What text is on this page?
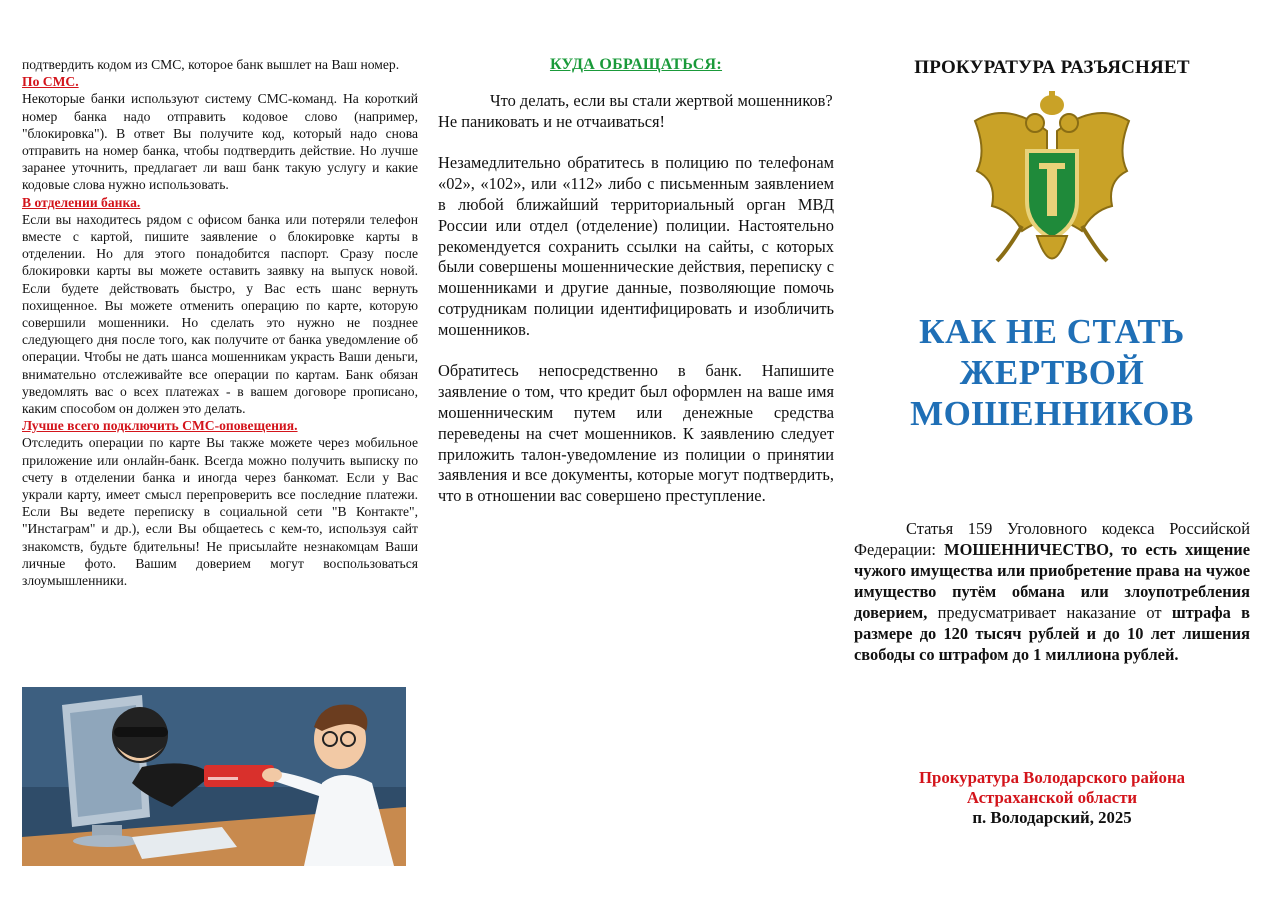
подтвердить кодом из СМС, которое банк вышлет на Ваш номер.
По СМС.
Некоторые банки используют систему СМС-команд. На короткий номер банка надо отправить кодовое слово (например, "блокировка"). В ответ Вы получите код, который надо снова отправить на номер банка, чтобы подтвердить действие. Но лучше заранее уточнить, предлагает ли ваш банк такую услугу и какие кодовые слова нужно использовать.
В отделении банка.
Если вы находитесь рядом с офисом банка или потеряли телефон вместе с картой, пишите заявление о блокировке карты в отделении. Но для этого понадобится паспорт. Сразу после блокировки карты вы можете оставить заявку на выпуск новой. Если будете действовать быстро, у Вас есть шанс вернуть похищенное. Вы можете отменить операцию по карте, которую совершили мошенники. Но сделать это нужно не позднее следующего дня после того, как получите от банка уведомление об операции. Чтобы не дать шанса мошенникам украсть Ваши деньги, внимательно отслеживайте все операции по картам. Банк обязан уведомлять вас о всех платежах - в вашем договоре прописано, каким способом он должен это делать.
Лучше всего подключить СМС-оповещения.
Отследить операции по карте Вы также можете через мобильное приложение или онлайн-банк. Всегда можно получить выписку по счету в отделении банка и иногда через банкомат. Если у Вас украли карту, имеет смысл перепроверить все последние платежи. Если Вы ведете переписку в социальной сети "В Контакте", "Инстаграм" и др.), если Вы общаетесь с кем-то, используя сайт знакомств, будьте бдительны! Не присылайте незнакомцам Ваши личные фото. Вашим доверием могут воспользоваться злоумышленники.
КУДА ОБРАЩАТЬСЯ:
Что делать, если вы стали жертвой мошенников?
Не паниковать и не отчаиваться!
Незамедлительно обратитесь в полицию по телефонам «02», «102», или «112» либо с письменным заявлением в любой ближайший территориальный орган МВД России или отдел (отделение) полиции. Настоятельно рекомендуется сохранить ссылки на сайты, с которых были совершены мошеннические действия, переписку с мошенниками и другие данные, позволяющие помочь сотрудникам полиции идентифицировать и изобличить мошенников.
Обратитесь непосредственно в банк. Напишите заявление о том, что кредит был оформлен на ваше имя мошенническим путем или денежные средства переведены на счет мошенников. К заявлению следует приложить талон-уведомление из полиции о принятии заявления и все документы, которые могут подтвердить, что в отношении вас совершено преступление.
ПРОКУРАТУРА РАЗЪЯСНЯЕТ
КАК НЕ СТАТЬ
ЖЕРТВОЙ
МОШЕННИКОВ
Статья 159 Уголовного кодекса Российской Федерации: МОШЕННИЧЕСТВО, то есть хищение чужого имущества или приобретение права на чужое имущество путём обмана или злоупотребления доверием, предусматривает наказание от штрафа в размере до 120 тысяч рублей и до 10 лет лишения свободы со штрафом до 1 миллиона рублей.
Прокуратура Володарского района
Астраханской области
п. Володарский, 2025
